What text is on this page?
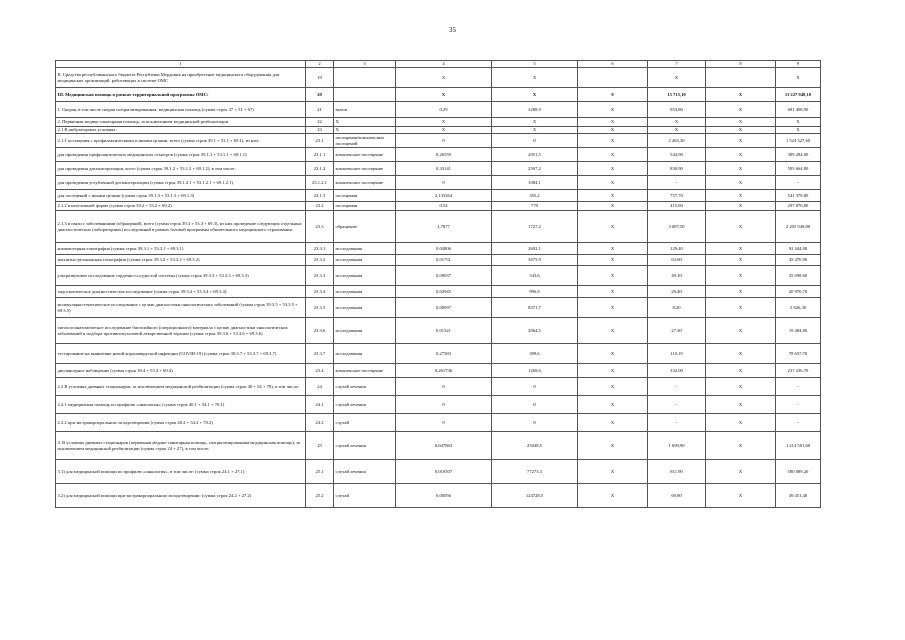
35
1	2	3	4	5	6	7	8	9	
II. Средства республиканского бюджета Республики Мордовия на приобретение медицинского оборудования для медицинских организаций, работающих в системе ОМС	19		X	X		X		X	
III. Медицинская помощь в рамках территориальной программы ОМС:	20		X	X	0	15 715,10	X	11 227 948,10	
1. Скорая, в том числе скорая специализированная, медицинская помощь (сумма строк 37 + 51 + 67)	21	вызов	0,29	3288,9	X	953,80	X	681 408,90	
2. Первичная медико-санитарная помощь, за исключением медицинской реабилитации	22	X	X	X	X	X	X	X	
2.1 В амбулаторных условиях:	23	X	X	X	X	X	X	X	
2.1.1 посещения с профилактическими и иными целями, всего (сумма строк 39.1 + 53.1 + 69.1), из них:	23.1	посещения/комплексных посещений	0	0	X	2 465,30	X	1 524 327,60	
для проведения профилактических медицинских осмотров (сумма строк 39.1.1 + 53.1.1 + 69.1.1)	23.1.1	комплексное посещение	0,26559	2051,5	X	544,90	X	389 284,00	
для проведения диспансеризации, всего (сумма строк 39.1.2 + 53.1.2 + 69.1.2), в том числе:	23.1.2	комплексное посещение	0,33141	2507,2	X	830,90	X	593 664,80	
для проведения углубленной диспансеризации (сумма строк 39.1.2.1 + 53.1.2.1 + 69.1.2.1)	23.1.2.1	комплексное посещение	0	1084,1	X	-	X	-	
для посещений с иными целями (сумма строк 39.1.3 + 53.1.3 + 69.1.3)	23.1.3	посещения	2,133264	355,2	X	757,70	X	541 378,80	
2.1.2 в неотложной форме (сумма строк 39.2 + 53.2 + 69.2)	23.2	посещения	0,54	770	X	415,80	X	297 076,80	
2.1.3 в связи с заболеваниями (обращений), всего (сумма строк 39.3 + 53.3 + 69.3), из них проведение следующих отдельных диагностических (лабораторных) исследований в рамках базовой программы обязательного медицинского страхования:	23.3	обращение	1,7877	1727,2	X	3 087,50	X	2 205 948,80	
компьютерная томография (сумма строк 39.3.1 + 53.3.1 + 69.3.1)	23.3.1	исследования	0,04806	2692,1	X	129,40	X	92 444,00	
магнитно-резонансная томография (сумма строк 39.3.2 + 53.3.2 + 69.3.2)	23.3.2	исследования	0,01731	3675,9	X	63,60	X	45 470,90	
ультразвуковое исследование сердечно-сосудистой системы (сумма строк 39.3.3 + 53.3.3 + 69.3.3)	23.3.3	исследования	0,09037	543,6	X	49,10	X	35 098,60	
эндоскопическое диагностическое исследование (сумма строк 39.3.4 + 53.3.4 + 69.3.4)	23.3.4	исследования	0,02945	996,8	X	29,40	X	20 970,70	
молекулярно-генетическое исследование с целью диагностики онкологических заболеваний (сумма строк 39.3.5 + 53.3.5 + 69.3.5)	23.3.5	исследования	0,00097	8371,7	X	8,20	X	5 826,30	
патологоанатомическое исследование биопсийного (операционного) материала с целью диагностики онкологических заболеваний и подбора противоопухолевой лекарственной терапии (сумма строк 39.3.6 + 53.3.6 + 69.3.6)	23.3.6	исследования	0,01321	2064,5	X	27,30	X	19 484,80	
тестирование на выявление новой коронавирусной инфекции (COVID-19) (сумма строк 39.3.7 + 53.3.7 + 69.3.7)	23.3.7	исследования	0,27583	399,6	X	110,19	X	78 657,70	
диспансерное наблюдение (сумма строк 39.4 + 53.4 + 69.4)	23.4	комплексное посещение	0,261736	1268,6	X	332,00	X	237 236,70	
2.2 В условиях дневных стационаров, за исключением медицинской реабилитации (сумма строк 40 + 54 + 70), в том числе:	24	случай лечения	0	0	X	-	X	-	
2.2.1 медицинская помощь по профилю «онкология» (сумма строк 40.1 + 54.1 + 70.1)	24.1	случай лечения	0	0	X	-	X	-	
2.2.2 при экстракорпоральном оплодотворении (сумма строк 40.2 + 54.2 + 70.2)	24.2	случай	0	0	X	-	X	-	
3. В условиях дневных стационаров (первичная медико-санитарная помощь, специализированная медицинская помощь), за исключением медицинской реабилитации (сумма строк 24 + 27), в том числе:	25	случай лечения	0,047863	25048,5	X	1 699,90	X	1 214 501,60	
3.1) для медицинской помощи по профилю «онкология», в том числе: (сумма строк 24.1 + 27.1)	25.1	случай лечения	0,010507	77273,3	X	811,90	X	580 089,20	
3.2) для медицинской помощи при экстракорпоральном оплодотворении: (сумма строк 24.2 + 27.2)	25.2	случай	0,00056	124728,5	X	69,80	X	49 451,40	
